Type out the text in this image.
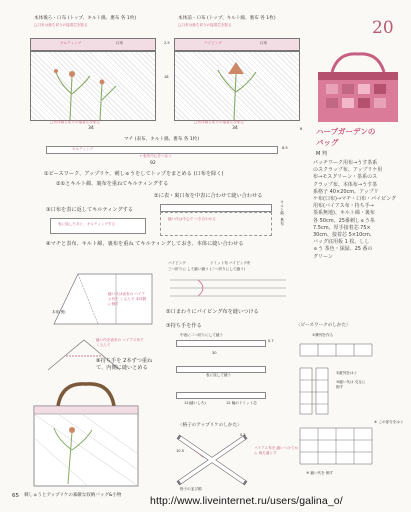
本体後ろ・口布 (トップ、キルト綿、裏布 各 1枚)
□口布は裁ち切りの接着芯を貼る
キルティング	口布
□布は裁ち切りの接着芯を貼る
34
本体前・口布 (トップ、キルト綿、裏布 各 1枚)
□口布は裁ち切りの接着芯を貼る
2.5
18
パイピング	口布
□布は裁ち切りの接着芯を貼る
6
34
20
ハーブガーデンの
バッグ
M 判
パッチワーク用布→うす茶系
のスクラップ布、アップリケ用
布→モスグリーン・茶系のス
クラップ布、本体布→うす茶
系格子 40×20cm、アップリ
ケ布(口布)→マチ・口布・パイピング
用布(バイアス布・持ち手→
茶系無地)、キルト綿・裏布
各 50cm、25番刺しゅう糸
7.5cm、厚手接着芯 75×
30cm、接着芯 5×10cm、
バッグ底用板 1 枚、しし
ゅう 茶色・深緑、25 番の
グリーン
マチ (表布、キルト綿、裏布 各 1枚)
キルティング	6.5
←表布中心をつなぐ
92
①ピースワーク、アップリケ、刺しゅうをしてトップをまとめる (口布を除く)
②①とキルト綿、裏布を重ねてキルティングする
②に表・裏口布を中表に合わせて縫い合わせる
縫い代は中心で つき合わせる	キルト綿、裏布
③口布を表に返してキルティングする
表に返したあと、キルティングする
④マチと表布、キルト綿、裏布を重ね てキルティングしておき、本体に縫い合わせる
本体(裏)
縫い代は表布の バイアス布で くるんで 本体側に倒す
パイピング
三つ折りに して縫い縫う
ドミット布 パイピング布
(二つ折りにして縫う)
⑤口まわりにパイピング布を縫いつける
⑦持ち手を作る
中表に二つ折りにして縫う
0.7
30
表に返して縫う
12(縫いしろ)	12 幅のドミット芯
縫い代を表布の バイアス布で くるんで
⑧持ち手を 2本ずつ重ねて、内側に縫いとめる
〈格子のアップリケのしかた〉
10.5
0.5
バイアス布を 縫いつけてから 裁ち落とす
格子の並び順
〈ピースワークのしかた〉
①横列を作る
②縦列をはぐ
③縫い代は 交互に倒す
④ この部分をはぐ
⑤ 縫い代を 倒す
65 刺しゅうとアップリケの素敵な収納バッグ&小物	http://www.liveinternet.ru/users/galina_o/
